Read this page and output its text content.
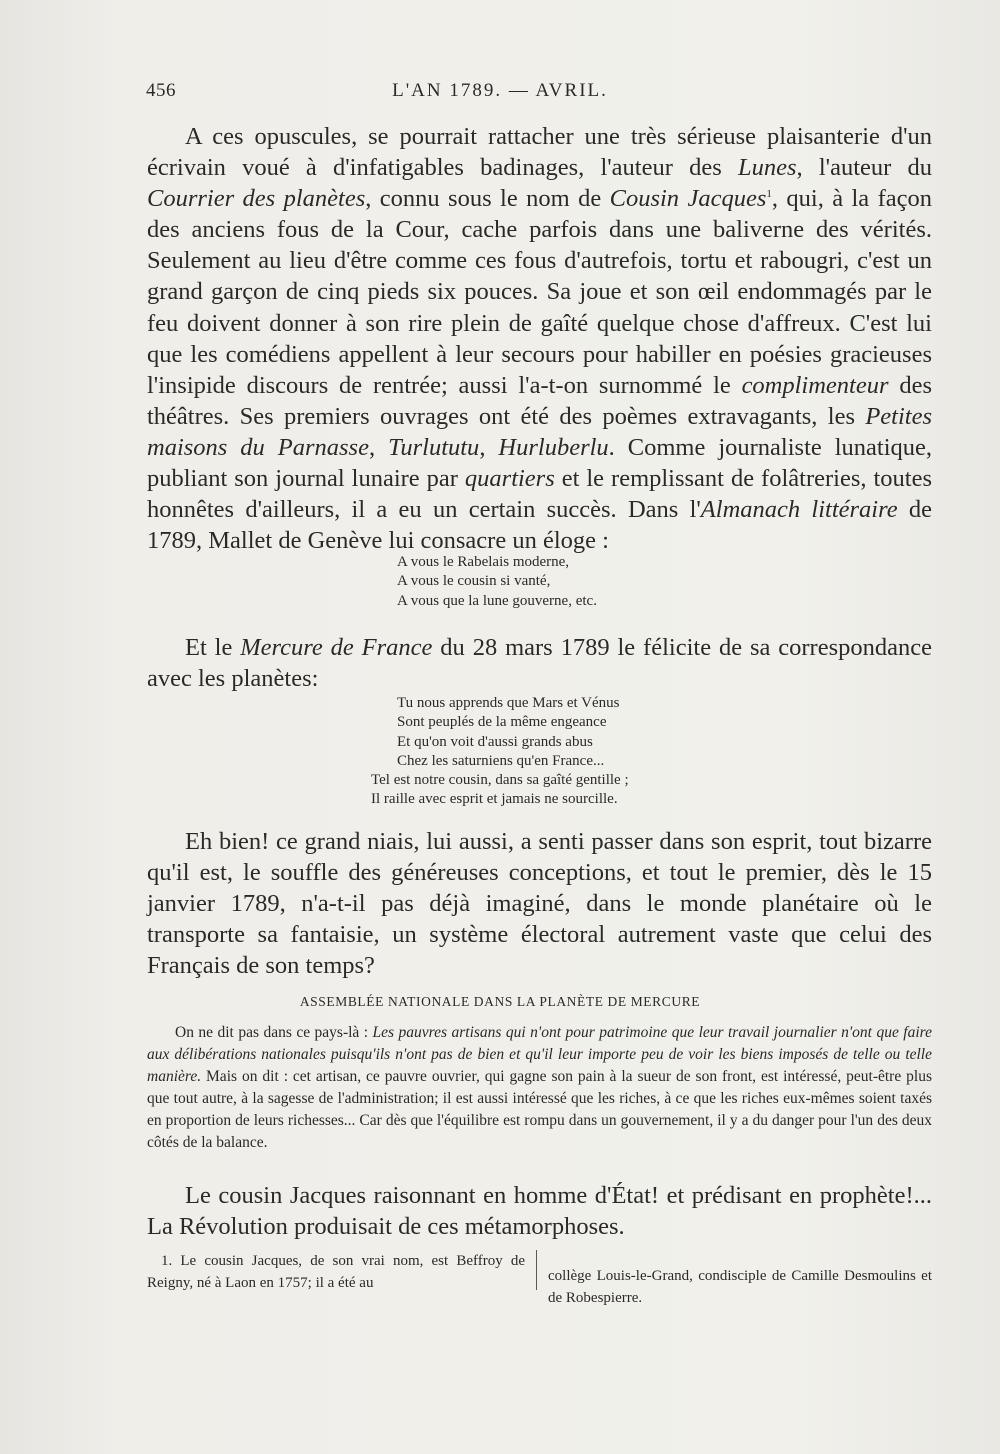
456	L'AN 1789. — AVRIL.

A ces opuscules, se pourrait rattacher une très sérieuse plaisanterie d'un écrivain voué à d'infatigables badinages, l'auteur des Lunes, l'auteur du Courrier des planètes, connu sous le nom de Cousin Jacques$^1$, qui, à la façon des anciens fous de la Cour, cache parfois dans une baliverne des vérités. Seulement au lieu d'être comme ces fous d'autrefois, tortu et rabougri, c'est un grand garçon de cinq pieds six pouces. Sa joue et son œil endommagés par le feu doivent donner à son rire plein de gaîté quelque chose d'affreux. C'est lui que les comédiens appellent à leur secours pour habiller en poésies gracieuses l'insipide discours de rentrée; aussi l'a-t-on surnommé le complimenteur des théâtres. Ses premiers ouvrages ont été des poèmes extravagants, les Petites maisons du Parnasse, Turlututu, Hurluberlu. Comme journaliste lunatique, publiant son journal lunaire par quartiers et le remplissant de folâtreries, toutes honnêtes d'ailleurs, il a eu un certain succès. Dans l'Almanach littéraire de 1789, Mallet de Genève lui consacre un éloge :

A vous le Rabelais moderne,
A vous le cousin si vanté,
A vous que la lune gouverne, etc.

Et le Mercure de France du 28 mars 1789 le félicite de sa correspondance avec les planètes:

Tu nous apprends que Mars et Vénus
Sont peuplés de la même engeance
Et qu'on voit d'aussi grands abus
Chez les saturniens qu'en France...
Tel est notre cousin, dans sa gaîté gentille ;
Il raille avec esprit et jamais ne sourcille.

Eh bien! ce grand niais, lui aussi, a senti passer dans son esprit, tout bizarre qu'il est, le souffle des généreuses conceptions, et tout le premier, dès le 15 janvier 1789, n'a-t-il pas déjà imaginé, dans le monde planétaire où le transporte sa fantaisie, un système électoral autrement vaste que celui des Français de son temps?

ASSEMBLÉE NATIONALE DANS LA PLANÈTE DE MERCURE

On ne dit pas dans ce pays-là : Les pauvres artisans qui n'ont pour patrimoine que leur travail journalier n'ont que faire aux délibérations nationales puisqu'ils n'ont pas de bien et qu'il leur importe peu de voir les biens imposés de telle ou telle manière. Mais on dit : cet artisan, ce pauvre ouvrier, qui gagne son pain à la sueur de son front, est intéressé, peut-être plus que tout autre, à la sagesse de l'administration; il est aussi intéressé que les riches, à ce que les riches eux-mêmes soient taxés en proportion de leurs richesses... Car dès que l'équilibre est rompu dans un gouvernement, il y a du danger pour l'un des deux côtés de la balance.

Le cousin Jacques raisonnant en homme d'État! et prédisant en prophète!... La Révolution produisait de ces métamorphoses.

1. Le cousin Jacques, de son vrai nom, est Beffroy de Reigny, né à Laon en 1757; il a été au	collège Louis-le-Grand, condisciple de Camille Desmoulins et de Robespierre.
